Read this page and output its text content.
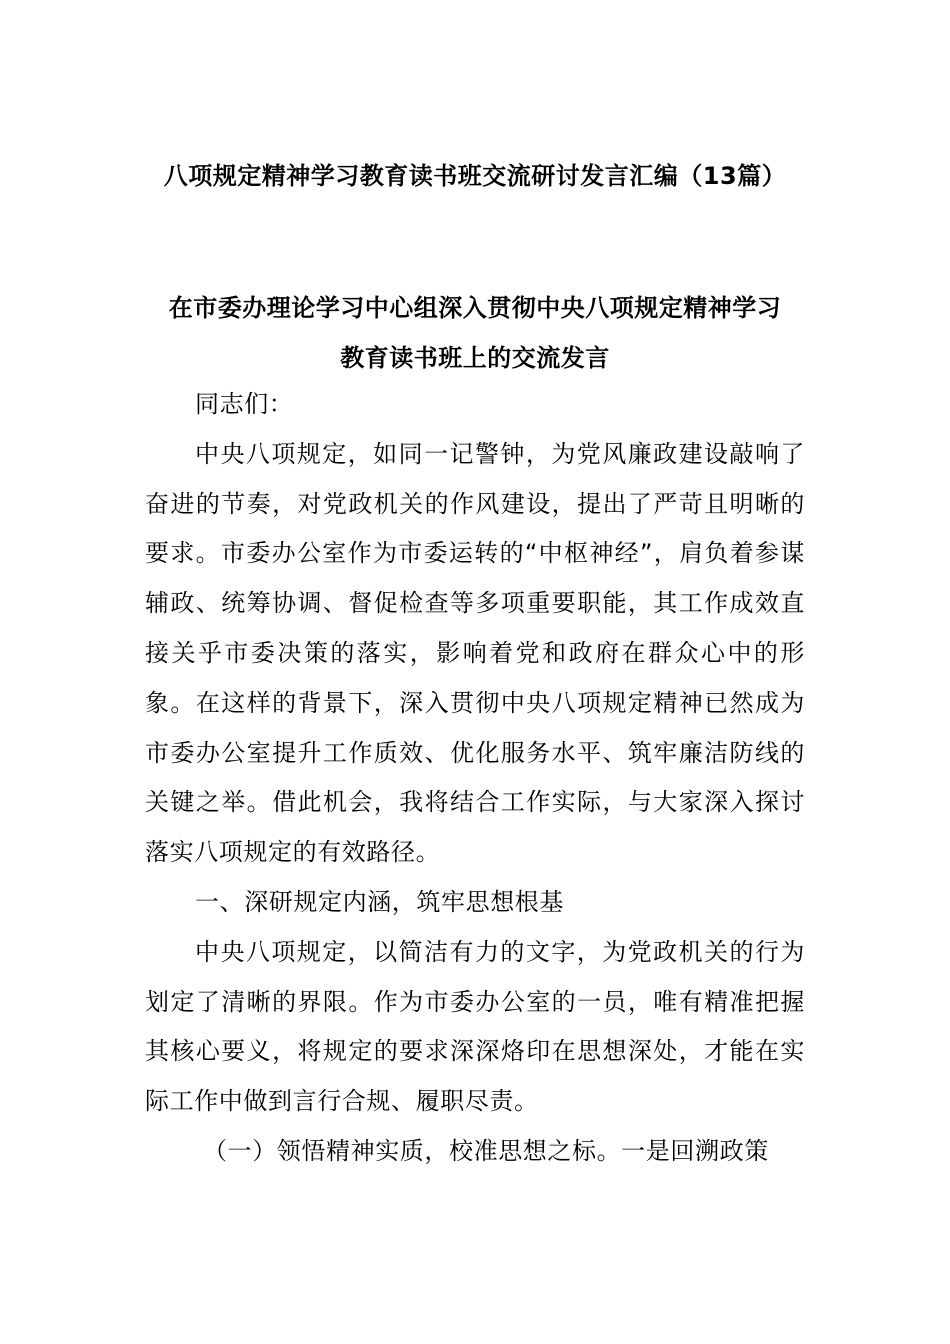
八项规定精神学习教育读书班交流研讨发言汇编（13篇）
在市委办理论学习中心组深入贯彻中央八项规定精神学习
教育读书班上的交流发言

同志们：

中央八项规定，如同一记警钟，为党风廉政建设敲响了奋进的节奏，对党政机关的作风建设，提出了严苛且明晰的要求。市委办公室作为市委运转的“中枢神经”，肩负着参谋辅政、统筹协调、督促检查等多项重要职能，其工作成效直接关乎市委决策的落实，影响着党和政府在群众心中的形象。在这样的背景下，深入贯彻中央八项规定精神已然成为市委办公室提升工作质效、优化服务水平、筑牢廉洁防线的关键之举。借此机会，我将结合工作实际，与大家深入探讨落实八项规定的有效路径。

一、深研规定内涵，筑牢思想根基

中央八项规定，以简洁有力的文字，为党政机关的行为划定了清晰的界限。作为市委办公室的一员，唯有精准把握其核心要义，将规定的要求深深烙印在思想深处，才能在实际工作中做到言行合规、履职尽责。

（一）领悟精神实质，校准思想之标。一是回溯政策
